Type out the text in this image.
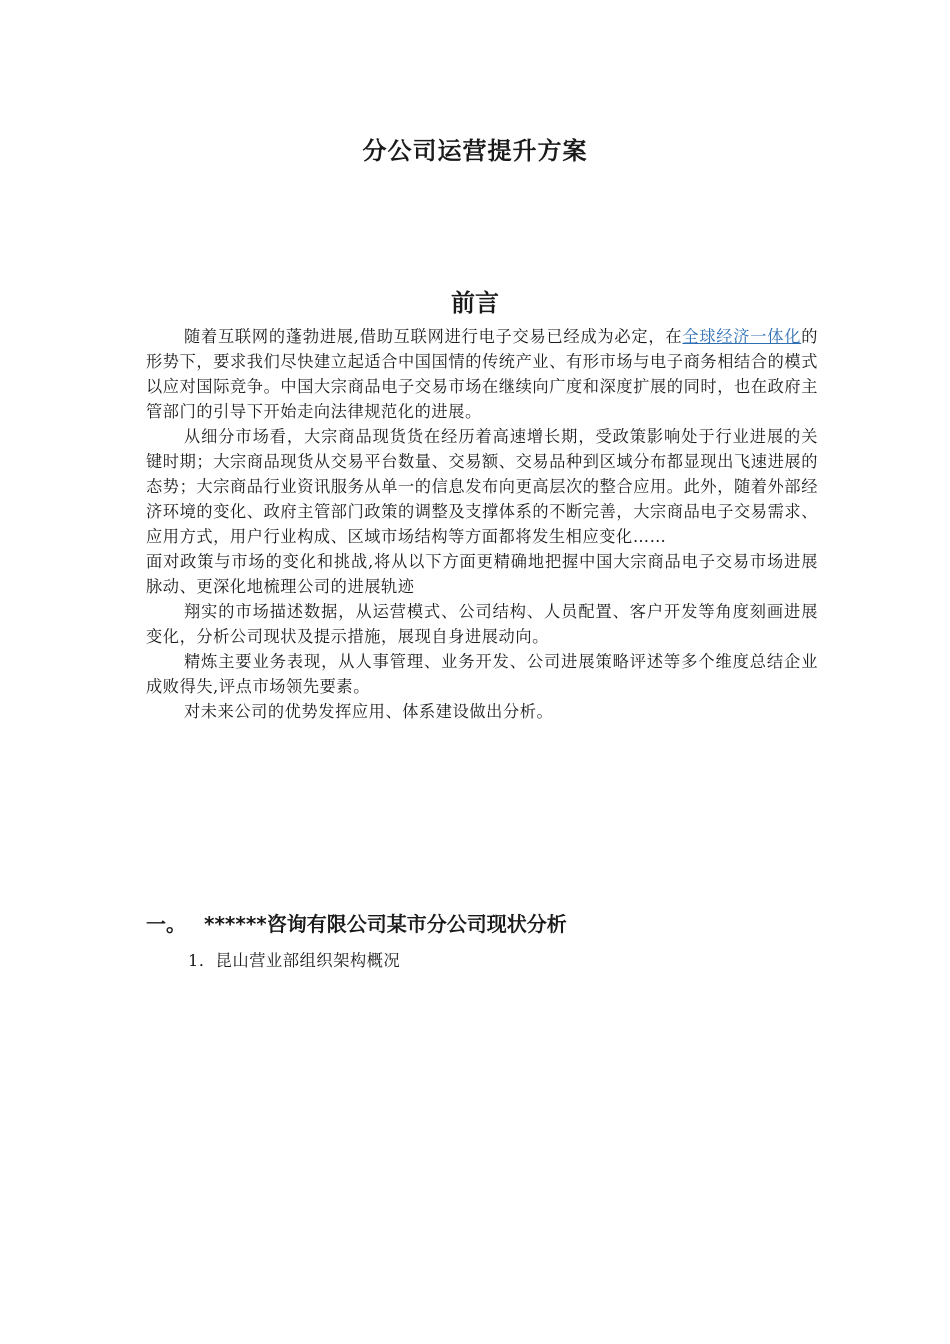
分公司运营提升方案
前言

随着互联网的蓬勃进展,借助互联网进行电子交易已经成为必定，在全球经济一体化的形势下，要求我们尽快建立起适合中国国情的传统产业、有形市场与电子商务相结合的模式以应对国际竞争。中国大宗商品电子交易市场在继续向广度和深度扩展的同时，也在政府主管部门的引导下开始走向法律规范化的进展。

从细分市场看，大宗商品现货货在经历着高速增长期，受政策影响处于行业进展的关键时期；大宗商品现货从交易平台数量、交易额、交易品种到区域分布都显现出飞速进展的态势；大宗商品行业资讯服务从单一的信息发布向更高层次的整合应用。此外，随着外部经济环境的变化、政府主管部门政策的调整及支撑体系的不断完善，大宗商品电子交易需求、应用方式，用户行业构成、区域市场结构等方面都将发生相应变化……

面对政策与市场的变化和挑战,将从以下方面更精确地把握中国大宗商品电子交易市场进展脉动、更深化地梳理公司的进展轨迹

翔实的市场描述数据，从运营模式、公司结构、人员配置、客户开发等角度刻画进展变化，分析公司现状及提示措施，展现自身进展动向。

精炼主要业务表现，从人事管理、业务开发、公司进展策略评述等多个维度总结企业成败得失,评点市场领先要素。

对未来公司的优势发挥应用、体系建设做出分析。

一。 ******咨询有限公司某市分公司现状分析
1．昆山营业部组织架构概况
